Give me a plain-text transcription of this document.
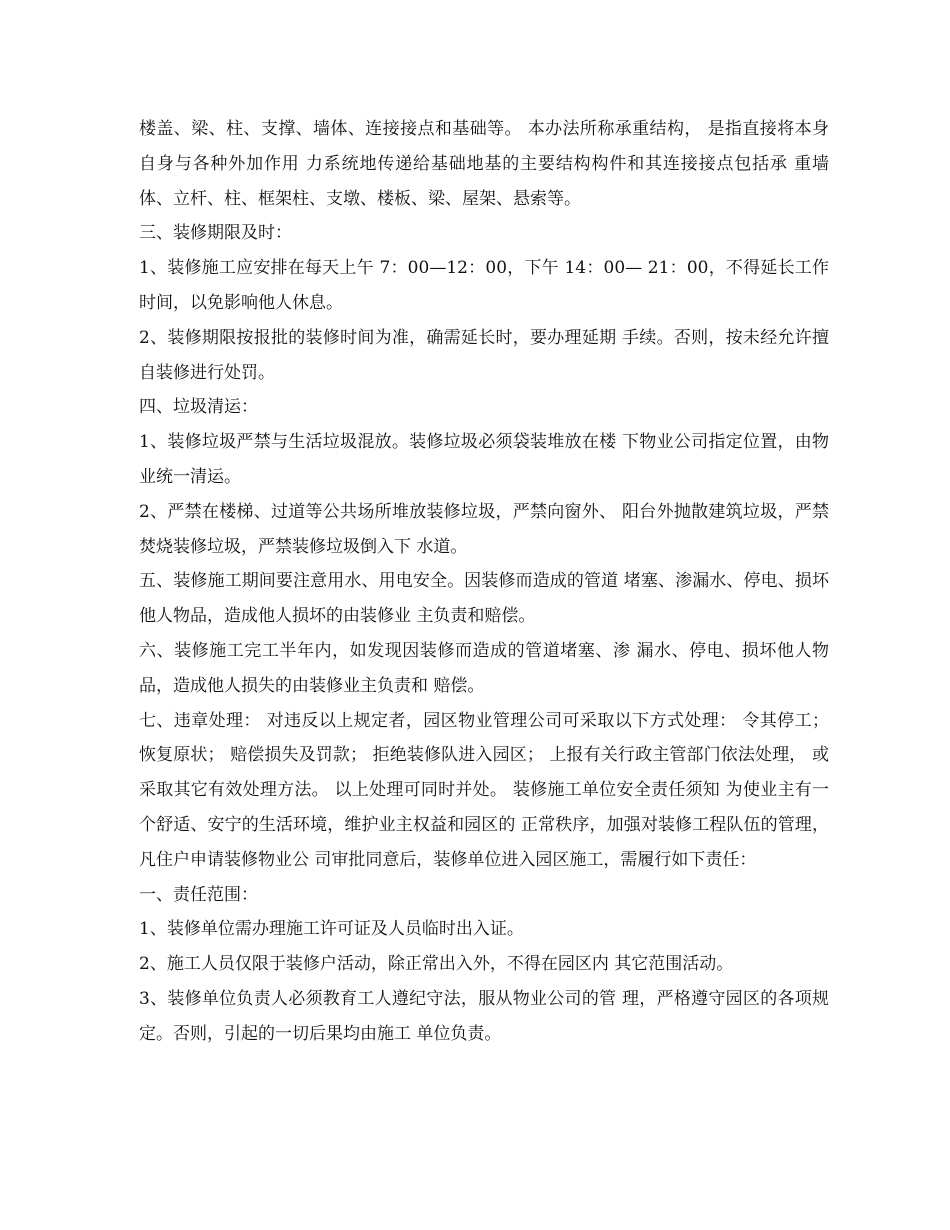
楼盖、梁、柱、支撑、墙体、连接接点和基础等。 本办法所称承重结构， 是指直接将本身自身与各种外加作用 力系统地传递给基础地基的主要结构构件和其连接接点包括承 重墙体、立杆、柱、框架柱、支墩、楼板、梁、屋架、悬索等。

三、装修期限及时：

1、装修施工应安排在每天上午 7：00—12：00，下午 14：00— 21：00，不得延长工作时间，以免影响他人休息。

2、装修期限按报批的装修时间为准，确需延长时，要办理延期 手续。否则，按未经允许擅自装修进行处罚。

四、垃圾清运：

1、装修垃圾严禁与生活垃圾混放。装修垃圾必须袋装堆放在楼 下物业公司指定位置，由物业统一清运。

2、严禁在楼梯、过道等公共场所堆放装修垃圾，严禁向窗外、 阳台外抛散建筑垃圾，严禁焚烧装修垃圾，严禁装修垃圾倒入下 水道。

五、装修施工期间要注意用水、用电安全。因装修而造成的管道 堵塞、渗漏水、停电、损坏他人物品，造成他人损坏的由装修业 主负责和赔偿。

六、装修施工完工半年内，如发现因装修而造成的管道堵塞、渗 漏水、停电、损坏他人物品，造成他人损失的由装修业主负责和 赔偿。

七、违章处理： 对违反以上规定者，园区物业管理公司可采取以下方式处理： 令其停工； 恢复原状； 赔偿损失及罚款； 拒绝装修队进入园区； 上报有关行政主管部门依法处理， 或采取其它有效处理方法。 以上处理可同时并处。 装修施工单位安全责任须知 为使业主有一个舒适、安宁的生活环境，维护业主权益和园区的 正常秩序，加强对装修工程队伍的管理，凡住户申请装修物业公 司审批同意后，装修单位进入园区施工，需履行如下责任：

一、责任范围：

1、装修单位需办理施工许可证及人员临时出入证。

2、施工人员仅限于装修户活动，除正常出入外，不得在园区内 其它范围活动。

3、装修单位负责人必须教育工人遵纪守法，服从物业公司的管 理，严格遵守园区的各项规定。否则，引起的一切后果均由施工 单位负责。
